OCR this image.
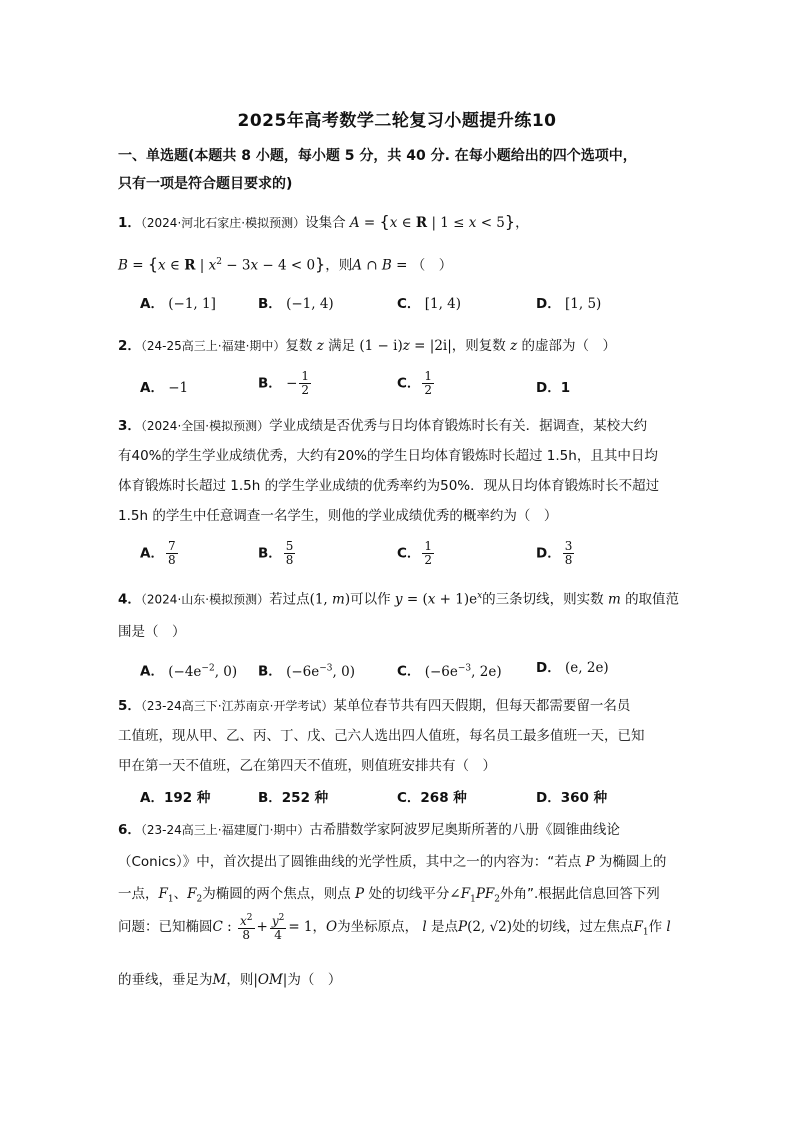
2025年高考数学二轮复习小题提升练10
一、单选题(本题共 8 小题，每小题 5 分，共 40 分. 在每小题给出的四个选项中，
只有一项是符合题目要求的)
1．（2024·河北石家庄·模拟预测）设集合 A = {x ∈ R | 1 ≤ x < 5}，
B = {x ∈ R | $x^2 - 3x - 4 < 0$}，则A ∩ B = （　）
A． (−1, 1]	B． (−1, 4)	C． [1, 4)	D． [1, 5)
2．（24-25高三上·福建·期中）复数 z 满足 (1 − i)z = |2i|，则复数 z 的虚部为（　）
A． −1	B． − $\frac{1}{2}$	C． $\frac{1}{2}$	D．1
3．（2024·全国·模拟预测）学业成绩是否优秀与日均体育锻炼时长有关．据调查，某校大约
有40%的学生学业成绩优秀，大约有20%的学生日均体育锻炼时长超过 1.5h，且其中日均
体育锻炼时长超过 1.5h 的学生学业成绩的优秀率约为50%．现从日均体育锻炼时长不超过
1.5h 的学生中任意调查一名学生，则他的学业成绩优秀的概率约为（　）
A． $\frac{7}{8}$	B． $\frac{5}{8}$	C． $\frac{1}{2}$	D． $\frac{3}{8}$
4．（2024·山东·模拟预测）若过点(1, m)可以作 $y = (x + 1)e^x$的三条切线，则实数 m 的取值范
围是（　）
A． ($-4e^{-2}$, 0) B． ($-6e^{-3}$, 0)	C． ($-6e^{-3}$, 2e)	D． (e, 2e)
5．（23-24高三下·江苏南京·开学考试）某单位春节共有四天假期，但每天都需要留一名员
工值班，现从甲、乙、丙、丁、戊、己六人选出四人值班，每名员工最多值班一天，已知
甲在第一天不值班，乙在第四天不值班，则值班安排共有（　）
A．192 种	B．252 种	C．268 种	D．360 种
6．（23-24高三上·福建厦门·期中）古希腊数学家阿波罗尼奥斯所著的八册《圆锥曲线论
（Conics）》中，首次提出了圆锥曲线的光学性质，其中之一的内容为：“若点 P 为椭圆上的
一点，$F_1$、$F_2$为椭圆的两个焦点，则点 P 处的切线平分$\angle F_1PF_2$外角”.根据此信息回答下列
问题：已知椭圆C : $\frac{x^2}{8} + \frac{y^2}{4} = 1$，O为坐标原点， l 是点P(2, √2)处的切线，过左焦点$F_1$作 l
的垂线，垂足为M，则|OM|为（　）
